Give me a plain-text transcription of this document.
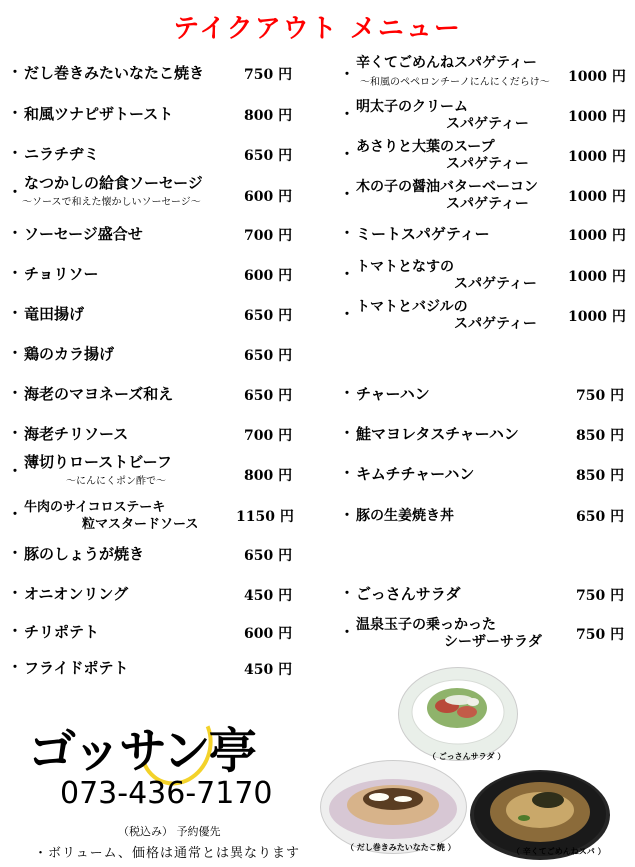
テイクアウト メニュー
・ だし巻きみたいなたこ焼き	750 円
・ 和風ツナピザトースト	800 円
・ ニラチヂミ	650 円
・
なつかしの給食ソーセージ
～ソースで和えた懐かしいソーセージ～	600 円
・ ソーセージ盛合せ	700 円
・ チョリソー	600 円
・ 竜田揚げ	650 円
・ 鶏のカラ揚げ	650 円
・ 海老のマヨネーズ和え	650 円
・ 海老チリソース	700 円
・
薄切りローストビーフ
～にんにくポン酢で～	800 円
・ 牛肉のサイコロステーキ
粒マスタードソース	1150 円
・ 豚のしょうが焼き	650 円
・ オニオンリング	450 円
・ チリポテト	600 円
・ フライドポテト	450 円
・
辛くてごめんねスパゲティー
～和風のペペロンチーノにんにくだらけ～ 1000 円
・ 明太子のクリーム
スパゲティー	1000 円
・ あさりと大葉のスープ
スパゲティー	1000 円
・ 木の子の醤油バターベーコン
スパゲティー	1000 円
・ ミートスパゲティー	1000 円
・ トマトとなすの
スパゲティー 1000 円
・ トマトとバジルの
スパゲティー 1000 円
・ チャーハン	750 円
・ 鮭マヨレタスチャーハン	850 円
・ キムチチャーハン	850 円
・ 豚の生姜焼き丼	650 円
・ ごっさんサラダ	750 円
・ 温泉玉子の乗っかった
シーザーサラダ 750 円
ゴッサン亭
073-436-7170
（税込み） 予約優先
・ボリューム、価格は通常とは異なります
（ ごっさんサラダ ）
（ だし巻きみたいなたこ焼 ）	（ 辛くてごめんねスパ ）
